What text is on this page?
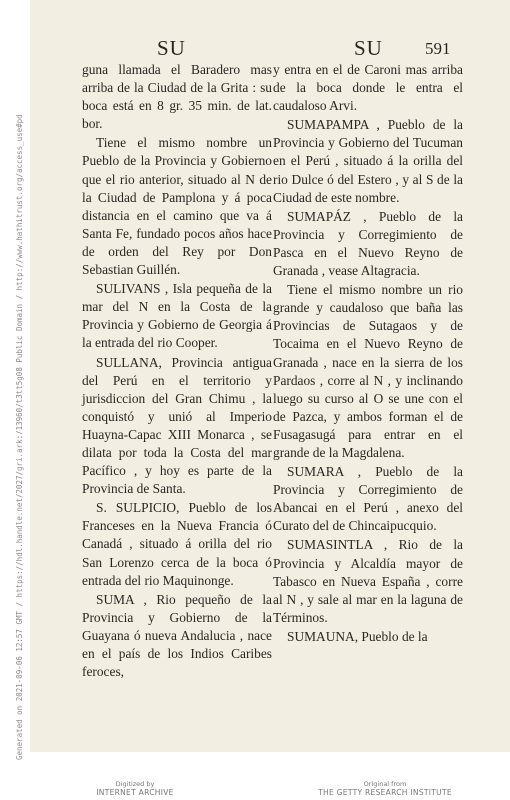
Generated on 2021-09-06 12:57 GMT / https://hdl.handle.net/2027/gri.ark:/13960/t3tt5g08 Public Domain / http://www.hathitrust.org/access_use#pd
SU	SU 591

guna llamada el Baradero mas arriba de la Ciudad de la Grita : su boca está en 8 gr. 35 min. de lat. bor.

Tiene el mismo nombre un Pueblo de la Provincia y Gobierno que el rio anterior, situado al N de la Ciudad de Pamplona y á poca distancia en el camino que va á Santa Fe, fundado pocos años hace de orden del Rey por Don Sebastian Guillén.

SULIVANS , Isla pequeña de la mar del N en la Costa de la Provincia y Gobierno de Georgia á la entrada del rio Cooper.

SULLANA, Provincia antigua del Perú en el territorio y jurisdiccion del Gran Chimu , la conquistó y unió al Imperio Huayna-Capac XIII Monarca , se dilata por toda la Costa del mar Pacífico , y hoy es parte de la Provincia de Santa.

S. SULPICIO, Pueblo de los Franceses en la Nueva Francia ó Canadá , situado á orilla del rio San Lorenzo cerca de la boca ó entrada del rio Maquinonge.

SUMA , Rio pequeño de la Provincia y Gobierno de la Guayana ó nueva Andalucia , nace en el país de los Indios Caribes feroces,

y entra en el de Caroni mas arriba de la boca donde le entra el caudaloso Arvi.

SUMAPAMPA , Pueblo de la Provincia y Gobierno del Tucuman en el Perú , situado á la orilla del rio Dulce ó del Estero , y al S de la Ciudad de este nombre.

SUMAPÁZ , Pueblo de la Provincia y Corregimiento de Pasca en el Nuevo Reyno de Granada , vease Altagracia.

Tiene el mismo nombre un rio grande y caudaloso que baña las Provincias de Sutagaos y de Tocaima en el Nuevo Reyno de Granada , nace en la sierra de los Pardaos , corre al N , y inclinando luego su curso al O se une con el de Pazca, y ambos forman el de Fusagasugá para entrar en el grande de la Magdalena.

SUMARA , Pueblo de la Provincia y Corregimiento de Abancai en el Perú , anexo del Curato del de Chincaipucquio.

SUMASINTLA , Rio de la Provincia y Alcaldía mayor de Tabasco en Nueva España , corre al N , y sale al mar en la laguna de Términos.

SUMAUNA, Pueblo de la

Digitized by
INTERNET ARCHIVE
Original from
THE GETTY RESEARCH INSTITUTE
